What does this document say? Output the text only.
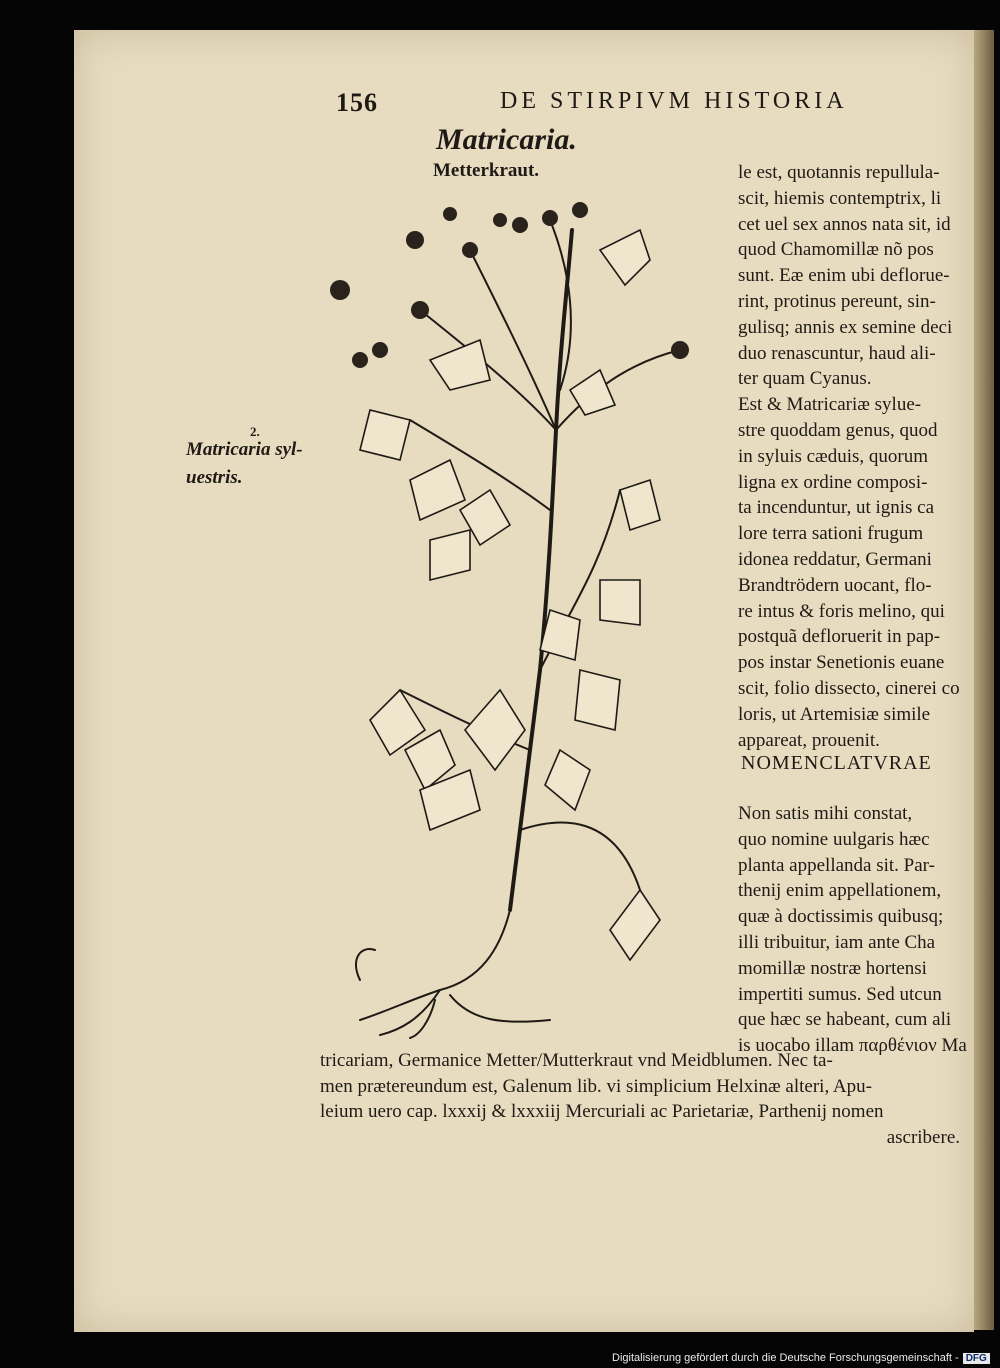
156	DE STIRPIVM HISTORIA
Matricaria.
Metterkraut.
2.
Matricaria syl-
uestris.
le est, quotannis repullula-
scit, hiemis contemptrix, li
cet uel sex annos nata sit, id
quod Chamomillæ nõ pos
sunt. Eæ enim ubi deflorue-
rint, protinus pereunt, sin-
gulisq; annis ex semine deci
duo renascuntur, haud ali-
ter quam Cyanus.
Est & Matricariæ sylue-
stre quoddam genus, quod
in syluis cæduis, quorum
ligna ex ordine composi-
ta incenduntur, ut ignis ca
lore terra sationi frugum
idonea reddatur, Germani
Brandtrödern uocant, flo-
re intus & foris melino, qui
postquã defloruerit in pap-
pos instar Senetionis euane
scit, folio dissecto, cinerei co
loris, ut Artemisiæ simile
appareat, prouenit.
NOMENCLATVRAE
Non satis mihi constat,
quo nomine uulgaris hæc
planta appellanda sit. Par-
thenij enim appellationem,
quæ à doctissimis quibusq;
illi tribuitur, iam ante Cha
momillæ nostræ hortensi
impertiti sumus. Sed utcun
que hæc se habeant, cum ali
is uocabo illam παρθένιον Ma
tricariam, Germanice Metter/Mutterkraut vnd Meidblumen. Nec ta-
men prætereundum est, Galenum lib. vi simplicium Helxinæ alteri, Apu-
leium uero cap. lxxxij & lxxxiij Mercuriali ac Parietariæ, Parthenij nomen
ascribere.
Digitalisierung gefördert durch die Deutsche Forschungsgemeinschaft - DFG
